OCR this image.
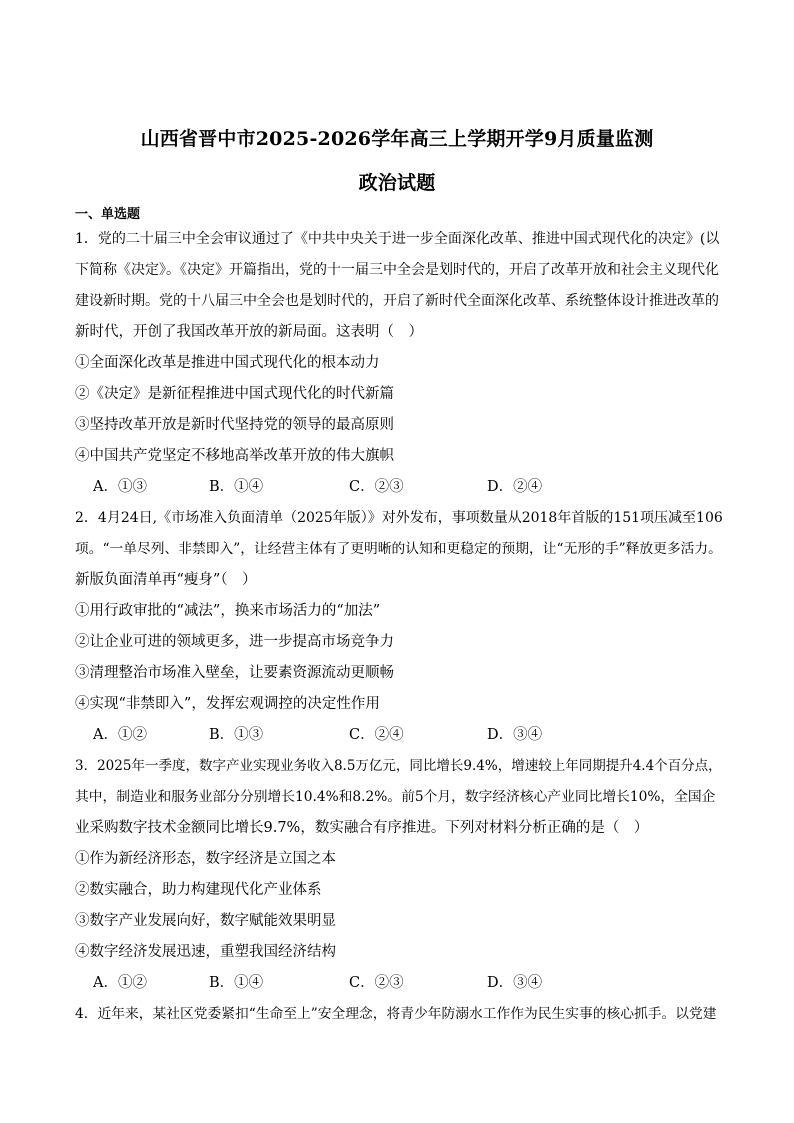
山西省晋中市2025-2026学年高三上学期开学9月质量监测
政治试题
一、单选题
1．党的二十届三中全会审议通过了《中共中央关于进一步全面深化改革、推进中国式现代化的决定》(以
下简称《决定》。《决定》开篇指出，党的十一届三中全会是划时代的，开启了改革开放和社会主义现代化
建设新时期。党的十八届三中全会也是划时代的，开启了新时代全面深化改革、系统整体设计推进改革的
新时代，开创了我国改革开放的新局面。这表明（　）
①全面深化改革是推进中国式现代化的根本动力
②《决定》是新征程推进中国式现代化的时代新篇
③坚持改革开放是新时代坚持党的领导的最高原则
④中国共产党坚定不移地高举改革开放的伟大旗帜
A．①③	B．①④	C．②③	D．②④
2．4月24日,《市场准入负面清单（2025年版）》对外发布，事项数量从2018年首版的151项压减至106
项。“一单尽列、非禁即入”，让经营主体有了更明晰的认知和更稳定的预期，让“无形的手”释放更多活力。
新版负面清单再“瘦身”（　）
①用行政审批的“减法”，换来市场活力的“加法”
②让企业可进的领域更多，进一步提高市场竞争力
③清理整治市场准入壁垒，让要素资源流动更顺畅
④实现“非禁即入”，发挥宏观调控的决定性作用
A．①②	B．①③	C．②④	D．③④
3．2025年一季度，数字产业实现业务收入8.5万亿元，同比增长9.4%，增速较上年同期提升4.4个百分点，
其中，制造业和服务业部分分别增长10.4%和8.2%。前5个月，数字经济核心产业同比增长10%，全国企
业采购数字技术金额同比增长9.7%，数实融合有序推进。下列对材料分析正确的是（　）
①作为新经济形态，数字经济是立国之本
②数实融合，助力构建现代化产业体系
③数字产业发展向好，数字赋能效果明显
④数字经济发展迅速，重塑我国经济结构
A．①②	B．①④	C．②③	D．③④
4．近年来，某社区党委紧扣“生命至上”安全理念，将青少年防溺水工作作为民生实事的核心抓手。以党建
